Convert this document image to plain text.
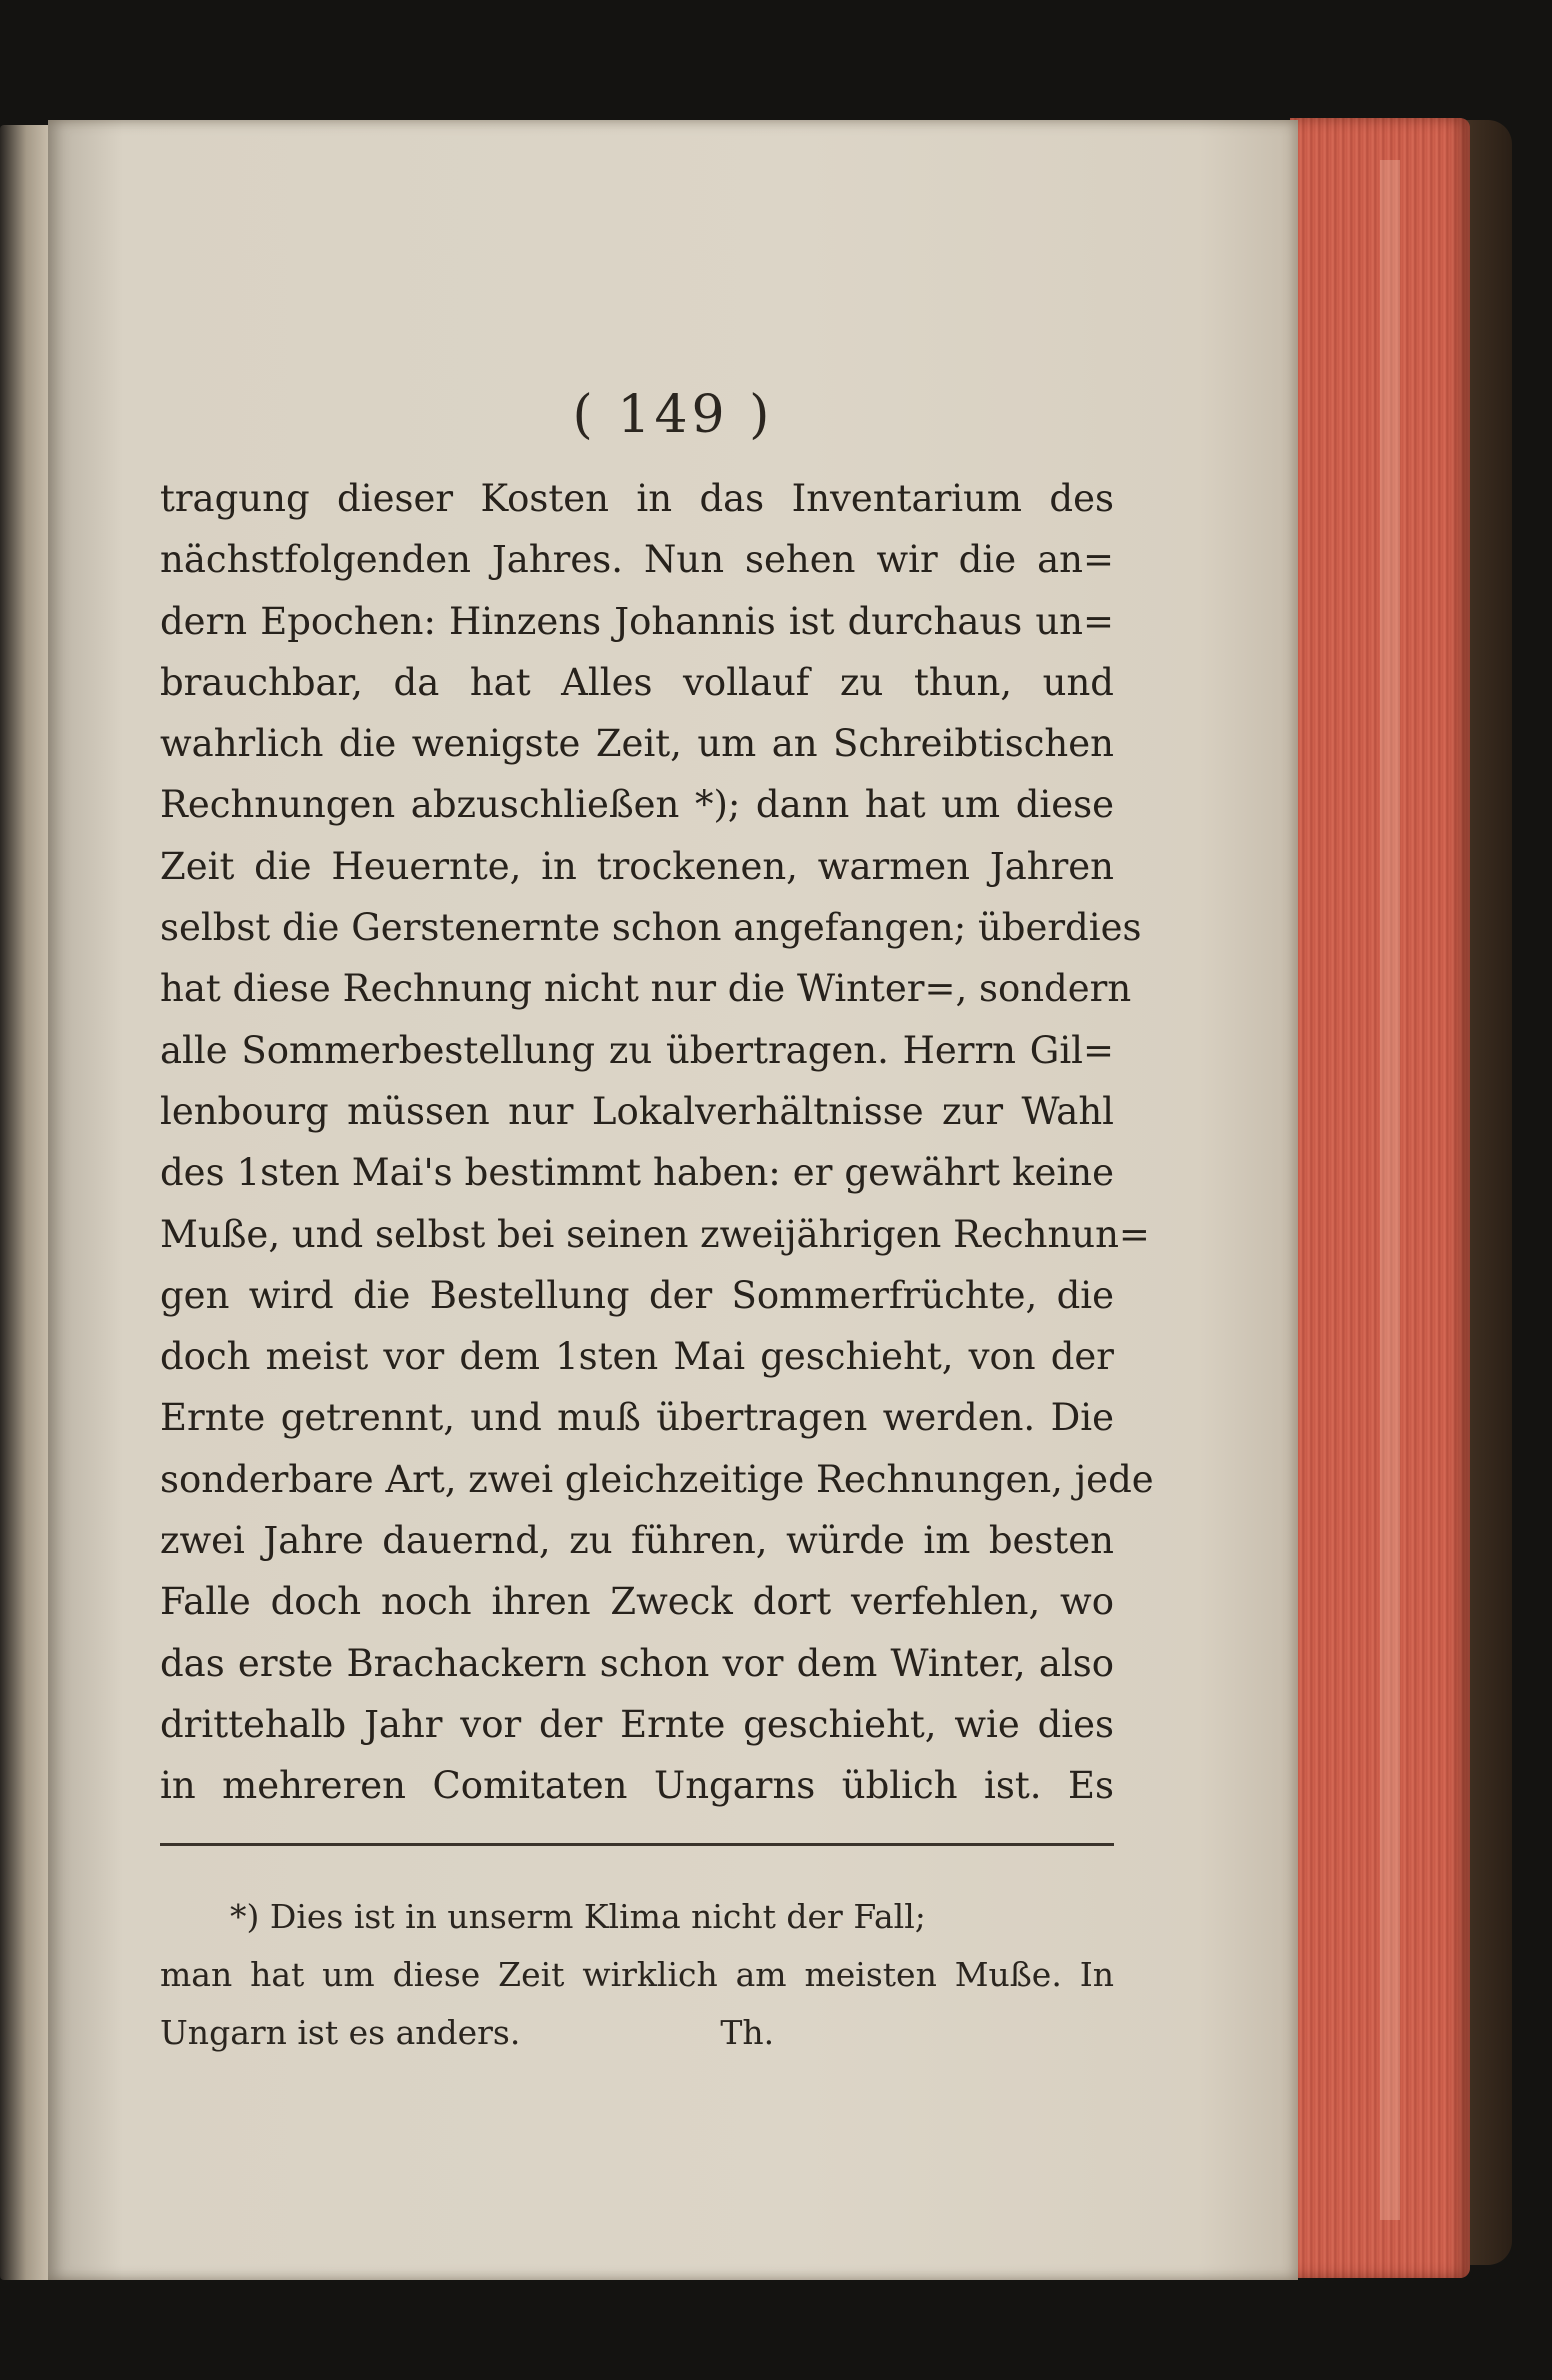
( 149 )
tragung dieser Kosten in das Inventarium des
nächstfolgenden Jahres. Nun sehen wir die an=
dern Epochen: Hinzens Johannis ist durchaus un=
brauchbar, da hat Alles vollauf zu thun, und
wahrlich die wenigste Zeit, um an Schreibtischen
Rechnungen abzuschließen *); dann hat um diese
Zeit die Heuernte, in trockenen, warmen Jahren
selbst die Gerstenernte schon angefangen; überdies
hat diese Rechnung nicht nur die Winter=, sondern
alle Sommerbestellung zu übertragen. Herrn Gil=
lenbourg müssen nur Lokalverhältnisse zur Wahl
des 1sten Mai's bestimmt haben: er gewährt keine
Muße, und selbst bei seinen zweijährigen Rechnun=
gen wird die Bestellung der Sommerfrüchte, die
doch meist vor dem 1sten Mai geschieht, von der
Ernte getrennt, und muß übertragen werden. Die
sonderbare Art, zwei gleichzeitige Rechnungen, jede
zwei Jahre dauernd, zu führen, würde im besten
Falle doch noch ihren Zweck dort verfehlen, wo
das erste Brachackern schon vor dem Winter, also
drittehalb Jahr vor der Ernte geschieht, wie dies
in mehreren Comitaten Ungarns üblich ist. Es
*) Dies ist in unserm Klima nicht der Fall;
man hat um diese Zeit wirklich am meisten Muße. In
Ungarn ist es anders.	Th.
